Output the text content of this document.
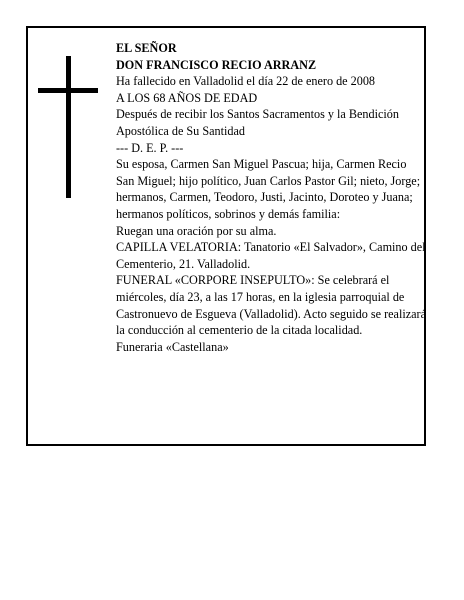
EL SEÑOR

DON FRANCISCO RECIO ARRANZ

Ha fallecido en Valladolid el día 22 de enero de 2008

A LOS 68 AÑOS DE EDAD

Después de recibir los Santos Sacramentos y la Bendición Apostólica de Su Santidad

--- D. E. P. ---

Su esposa, Carmen San Miguel Pascua; hija, Carmen Recio San Miguel; hijo político, Juan Carlos Pastor Gil; nieto, Jorge; hermanos, Carmen, Teodoro, Justi, Jacinto, Doroteo y Juana; hermanos políticos, sobrinos y demás familia:

Ruegan una oración por su alma.

CAPILLA VELATORIA: Tanatorio «El Salvador», Camino del Cementerio, 21. Valladolid.

FUNERAL «CORPORE INSEPULTO»: Se celebrará el miércoles, día 23, a las 17 horas, en la iglesia parroquial de Castronuevo de Esgueva (Valladolid). Acto seguido se realizará la conducción al cementerio de la citada localidad.

Funeraria «Castellana»
